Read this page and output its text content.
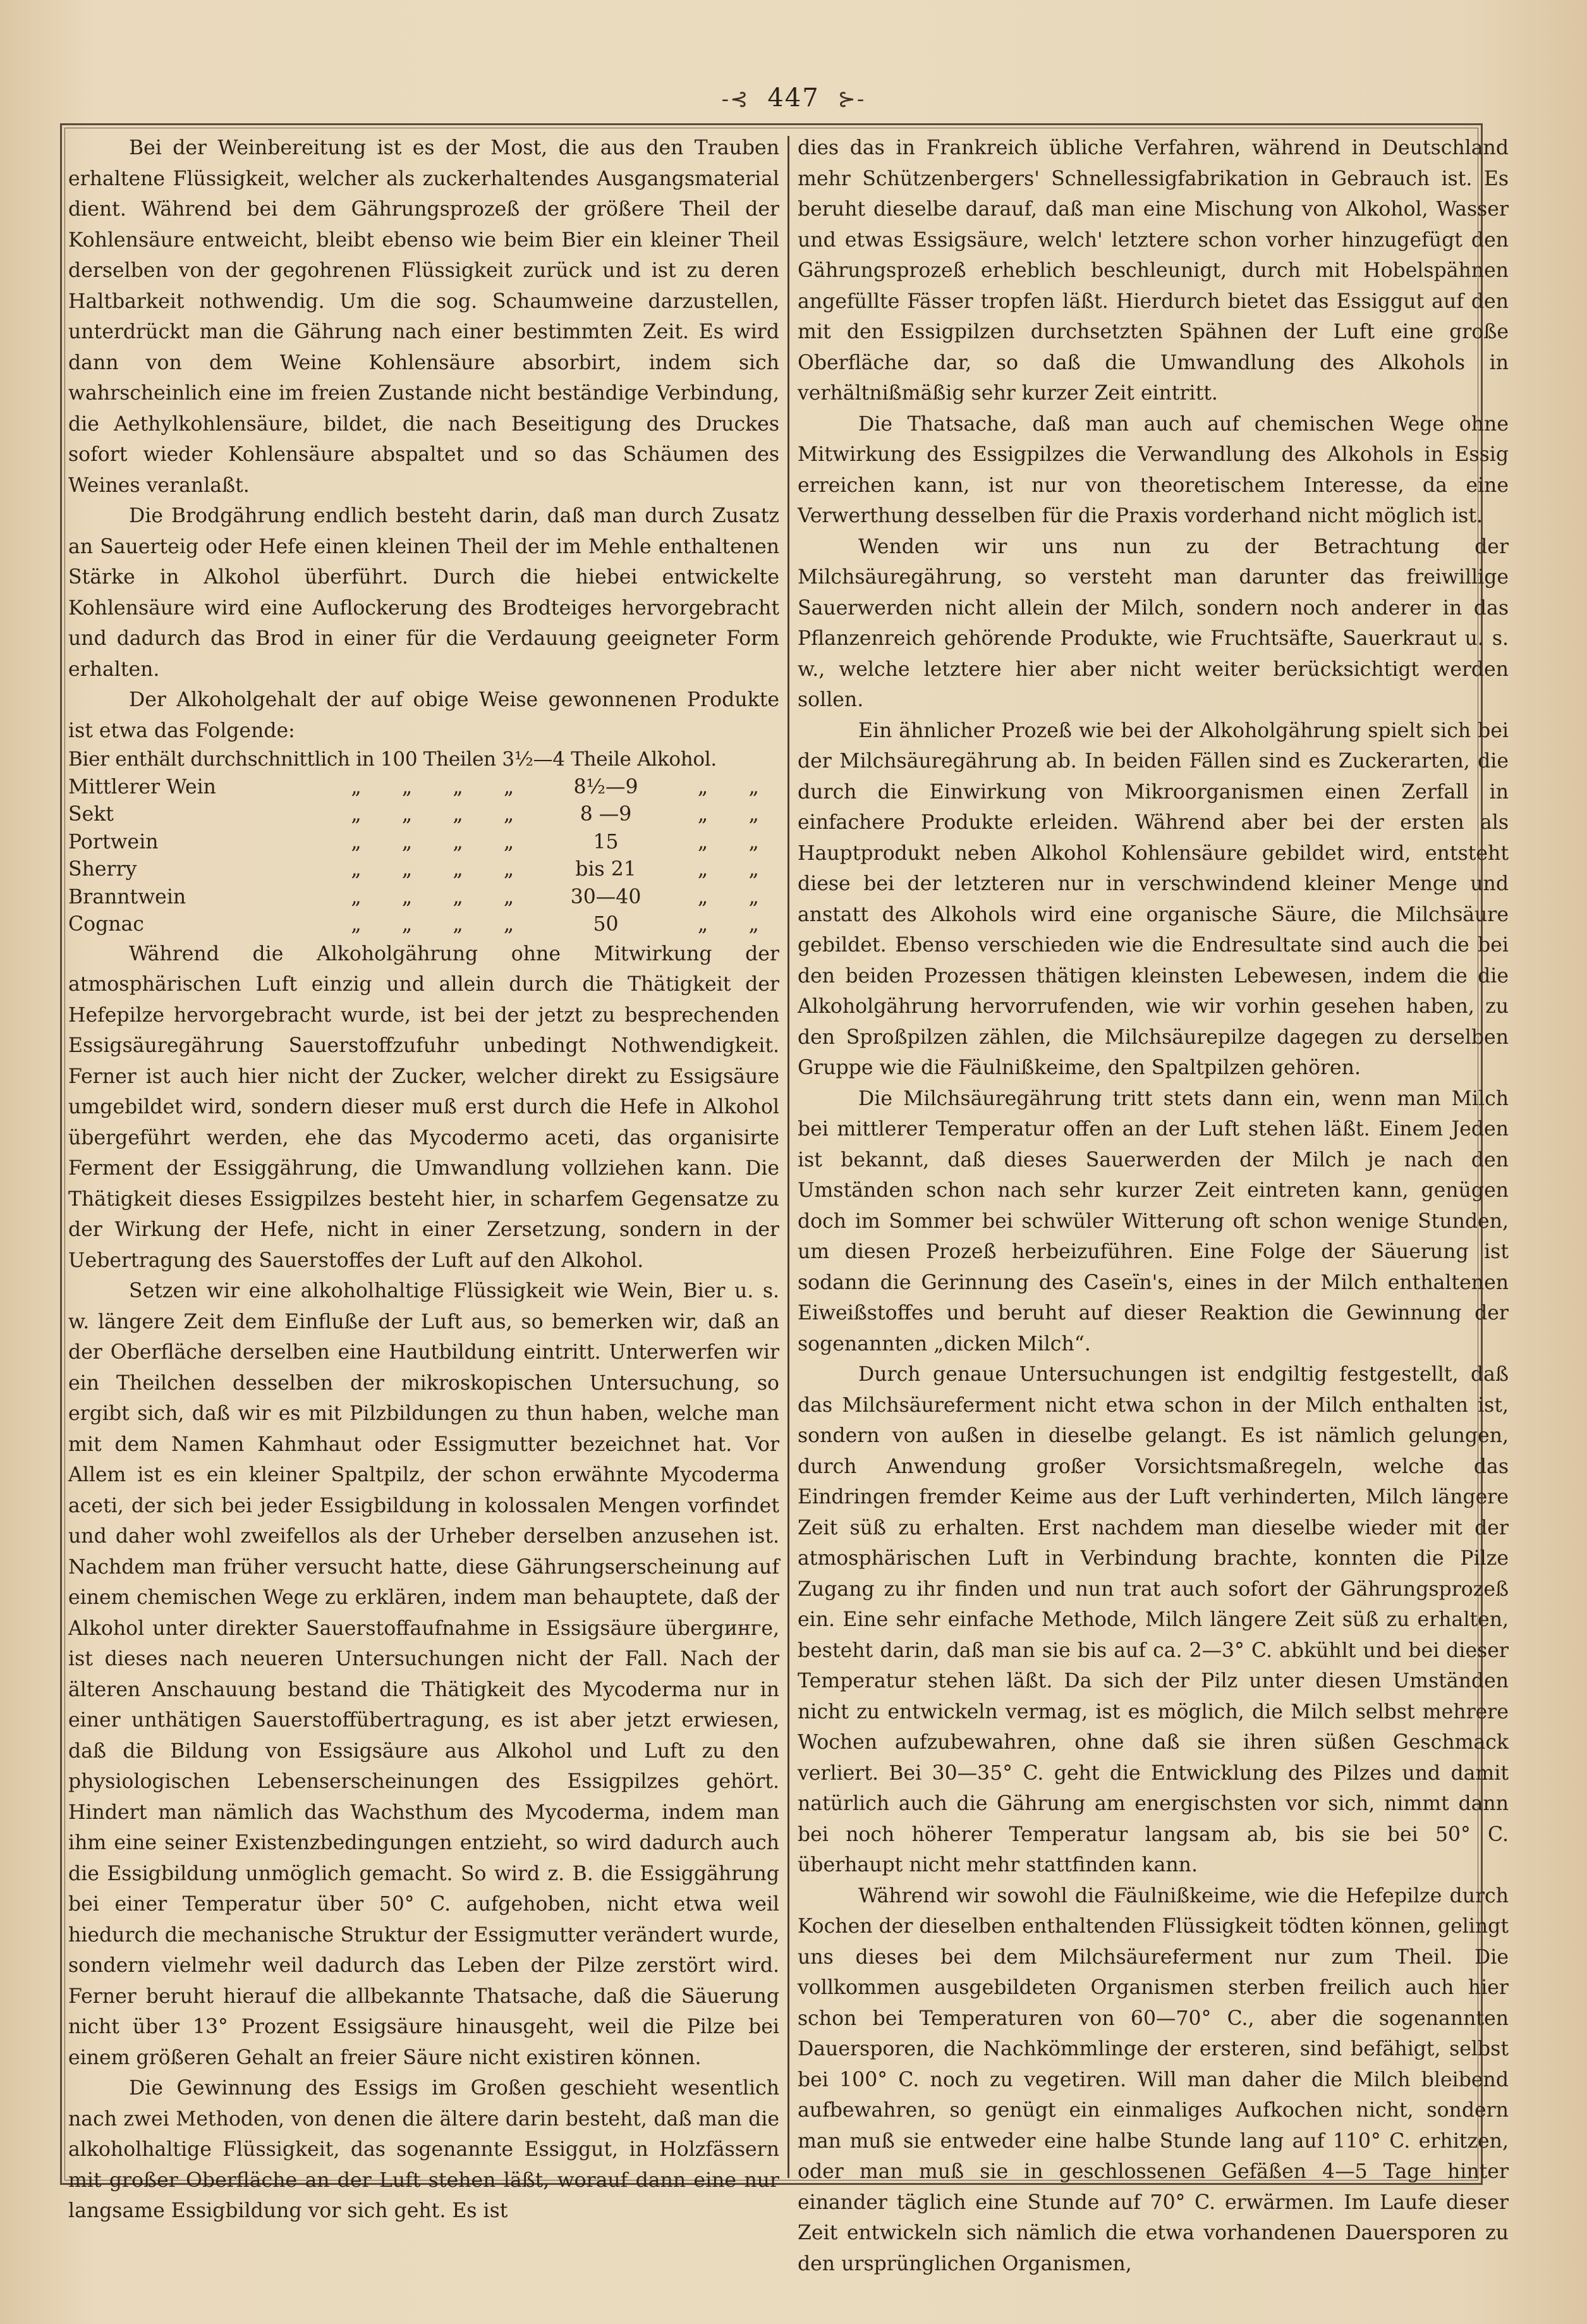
-⊰ 447 ⊱-

Bei der Weinbereitung ist es der Most, die aus den Trauben erhaltene Flüssigkeit, welcher als zuckerhaltendes Ausgangsmaterial dient. Während bei dem Gährungsprozeß der größere Theil der Kohlensäure entweicht, bleibt ebenso wie beim Bier ein kleiner Theil derselben von der gegohrenen Flüssigkeit zurück und ist zu deren Haltbarkeit nothwendig. Um die sog. Schaumweine darzustellen, unterdrückt man die Gährung nach einer bestimmten Zeit. Es wird dann von dem Weine Kohlensäure absorbirt, indem sich wahrscheinlich eine im freien Zustande nicht beständige Verbindung, die Aethylkohlensäure, bildet, die nach Beseitigung des Druckes sofort wieder Kohlensäure abspaltet und so das Schäumen des Weines veranlaßt.

Die Brodgährung endlich besteht darin, daß man durch Zusatz an Sauerteig oder Hefe einen kleinen Theil der im Mehle enthaltenen Stärke in Alkohol überführt. Durch die hiebei entwickelte Kohlensäure wird eine Auflockerung des Brodteiges hervorgebracht und dadurch das Brod in einer für die Verdauung geeigneter Form erhalten.

Der Alkoholgehalt der auf obige Weise gewonnenen Produkte ist etwa das Folgende:

Bier enthält durchschnittlich in 100 Theilen 3½—4 Theile Alkohol.							
Mittlerer Wein	„	„	„	„	8½—9	„	„
Sekt	„	„	„	„	8 —9	„	„
Portwein	„	„	„	„	15	„	„
Sherry	„	„	„	„	bis 21	„	„
Branntwein	„	„	„	„	30—40	„	„
Cognac	„	„	„	„	50	„	„

Während die Alkoholgährung ohne Mitwirkung der atmosphärischen Luft einzig und allein durch die Thätigkeit der Hefepilze hervorgebracht wurde, ist bei der jetzt zu besprechenden Essigsäuregährung Sauerstoffzufuhr unbedingt Nothwendigkeit. Ferner ist auch hier nicht der Zucker, welcher direkt zu Essigsäure umgebildet wird, sondern dieser muß erst durch die Hefe in Alkohol übergeführt werden, ehe das Mycodermo aceti, das organisirte Ferment der Essiggährung, die Umwandlung vollziehen kann. Die Thätigkeit dieses Essigpilzes besteht hier, in scharfem Gegensatze zu der Wirkung der Hefe, nicht in einer Zersetzung, sondern in der Uebertragung des Sauerstoffes der Luft auf den Alkohol.

Setzen wir eine alkoholhaltige Flüssigkeit wie Wein, Bier u. s. w. längere Zeit dem Einfluße der Luft aus, so bemerken wir, daß an der Oberfläche derselben eine Hautbildung eintritt. Unterwerfen wir ein Theilchen desselben der mikroskopischen Untersuchung, so ergibt sich, daß wir es mit Pilzbildungen zu thun haben, welche man mit dem Namen Kahmhaut oder Essigmutter bezeichnet hat. Vor Allem ist es ein kleiner Spaltpilz, der schon erwähnte Mycoderma aceti, der sich bei jeder Essigbildung in kolossalen Mengen vorfindet und daher wohl zweifellos als der Urheber derselben anzusehen ist. Nachdem man früher versucht hatte, diese Gährungserscheinung auf einem chemischen Wege zu erklären, indem man behauptete, daß der Alkohol unter direkter Sauerstoffaufnahme in Essigsäure übergинге, ist dieses nach neueren Untersuchungen nicht der Fall. Nach der älteren Anschauung bestand die Thätigkeit des Mycoderma nur in einer unthätigen Sauerstoffübertragung, es ist aber jetzt erwiesen, daß die Bildung von Essigsäure aus Alkohol und Luft zu den physiologischen Lebenserscheinungen des Essigpilzes gehört. Hindert man nämlich das Wachsthum des Mycoderma, indem man ihm eine seiner Existenzbedingungen entzieht, so wird dadurch auch die Essigbildung unmöglich gemacht. So wird z. B. die Essiggährung bei einer Temperatur über 50° C. aufgehoben, nicht etwa weil hiedurch die mechanische Struktur der Essigmutter verändert wurde, sondern vielmehr weil dadurch das Leben der Pilze zerstört wird. Ferner beruht hierauf die allbekannte Thatsache, daß die Säuerung nicht über 13° Prozent Essigsäure hinausgeht, weil die Pilze bei einem größeren Gehalt an freier Säure nicht existiren können.

Die Gewinnung des Essigs im Großen geschieht wesentlich nach zwei Methoden, von denen die ältere darin besteht, daß man die alkoholhaltige Flüssigkeit, das sogenannte Essiggut, in Holzfässern mit großer Oberfläche an der Luft stehen läßt, worauf dann eine nur langsame Essigbildung vor sich geht. Es ist

dies das in Frankreich übliche Verfahren, während in Deutschland mehr Schützenbergers' Schnellessigfabrikation in Gebrauch ist. Es beruht dieselbe darauf, daß man eine Mischung von Alkohol, Wasser und etwas Essigsäure, welch' letztere schon vorher hinzugefügt den Gährungsprozeß erheblich beschleunigt, durch mit Hobelspähnen angefüllte Fässer tropfen läßt. Hierdurch bietet das Essiggut auf den mit den Essigpilzen durchsetzten Spähnen der Luft eine große Oberfläche dar, so daß die Umwandlung des Alkohols in verhältnißmäßig sehr kurzer Zeit eintritt.

Die Thatsache, daß man auch auf chemischen Wege ohne Mitwirkung des Essigpilzes die Verwandlung des Alkohols in Essig erreichen kann, ist nur von theoretischem Interesse, da eine Verwerthung desselben für die Praxis vorderhand nicht möglich ist.

Wenden wir uns nun zu der Betrachtung der Milchsäuregährung, so versteht man darunter das freiwillige Sauerwerden nicht allein der Milch, sondern noch anderer in das Pflanzenreich gehörende Produkte, wie Fruchtsäfte, Sauerkraut u. s. w., welche letztere hier aber nicht weiter berücksichtigt werden sollen.

Ein ähnlicher Prozeß wie bei der Alkoholgährung spielt sich bei der Milchsäuregährung ab. In beiden Fällen sind es Zuckerarten, die durch die Einwirkung von Mikroorganismen einen Zerfall in einfachere Produkte erleiden. Während aber bei der ersten als Hauptprodukt neben Alkohol Kohlensäure gebildet wird, entsteht diese bei der letzteren nur in verschwindend kleiner Menge und anstatt des Alkohols wird eine organische Säure, die Milchsäure gebildet. Ebenso verschieden wie die Endresultate sind auch die bei den beiden Prozessen thätigen kleinsten Lebewesen, indem die die Alkoholgährung hervorrufenden, wie wir vorhin gesehen haben, zu den Sproßpilzen zählen, die Milchsäurepilze dagegen zu derselben Gruppe wie die Fäulnißkeime, den Spaltpilzen gehören.

Die Milchsäuregährung tritt stets dann ein, wenn man Milch bei mittlerer Temperatur offen an der Luft stehen läßt. Einem Jeden ist bekannt, daß dieses Sauerwerden der Milch je nach den Umständen schon nach sehr kurzer Zeit eintreten kann, genügen doch im Sommer bei schwüler Witterung oft schon wenige Stunden, um diesen Prozeß herbeizuführen. Eine Folge der Säuerung ist sodann die Gerinnung des Caseïn's, eines in der Milch enthaltenen Eiweißstoffes und beruht auf dieser Reaktion die Gewinnung der sogenannten „dicken Milch“.

Durch genaue Untersuchungen ist endgiltig festgestellt, daß das Milchsäureferment nicht etwa schon in der Milch enthalten ist, sondern von außen in dieselbe gelangt. Es ist nämlich gelungen, durch Anwendung großer Vorsichtsmaßregeln, welche das Eindringen fremder Keime aus der Luft verhinderten, Milch längere Zeit süß zu erhalten. Erst nachdem man dieselbe wieder mit der atmosphärischen Luft in Verbindung brachte, konnten die Pilze Zugang zu ihr finden und nun trat auch sofort der Gährungsprozeß ein. Eine sehr einfache Methode, Milch längere Zeit süß zu erhalten, besteht darin, daß man sie bis auf ca. 2—3° C. abkühlt und bei dieser Temperatur stehen läßt. Da sich der Pilz unter diesen Umständen nicht zu entwickeln vermag, ist es möglich, die Milch selbst mehrere Wochen aufzubewahren, ohne daß sie ihren süßen Geschmack verliert. Bei 30—35° C. geht die Entwicklung des Pilzes und damit natürlich auch die Gährung am energischsten vor sich, nimmt dann bei noch höherer Temperatur langsam ab, bis sie bei 50° C. überhaupt nicht mehr stattfinden kann.

Während wir sowohl die Fäulnißkeime, wie die Hefepilze durch Kochen der dieselben enthaltenden Flüssigkeit tödten können, gelingt uns dieses bei dem Milchsäureferment nur zum Theil. Die vollkommen ausgebildeten Organismen sterben freilich auch hier schon bei Temperaturen von 60—70° C., aber die sogenannten Dauersporen, die Nachkömmlinge der ersteren, sind befähigt, selbst bei 100° C. noch zu vegetiren. Will man daher die Milch bleibend aufbewahren, so genügt ein einmaliges Aufkochen nicht, sondern man muß sie entweder eine halbe Stunde lang auf 110° C. erhitzen, oder man muß sie in geschlossenen Gefäßen 4—5 Tage hinter einander täglich eine Stunde auf 70° C. erwärmen. Im Laufe dieser Zeit entwickeln sich nämlich die etwa vorhandenen Dauersporen zu den ursprünglichen Organismen,
